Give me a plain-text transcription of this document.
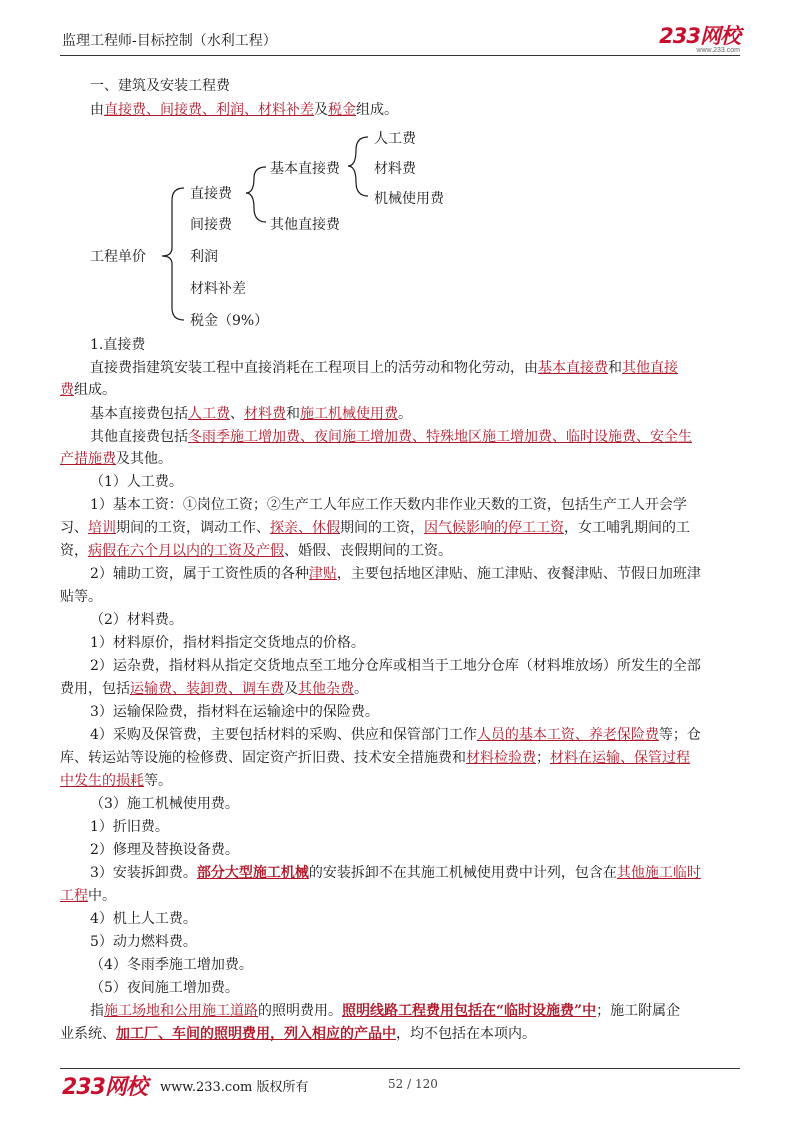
监理工程师-目标控制（水利工程）	233网校
www.233.com
一、建筑及安装工程费
由直接费、间接费、利润、材料补差及税金组成。
工程单价
直接费
间接费
利润
材料补差
税金（9%）
基本直接费
其他直接费
人工费
材料费
机械使用费
1.直接费
直接费指建筑安装工程中直接消耗在工程项目上的活劳动和物化劳动，由基本直接费和其他直接
费组成。
基本直接费包括人工费、材料费和施工机械使用费。
其他直接费包括冬雨季施工增加费、夜间施工增加费、特殊地区施工增加费、临时设施费、安全生
产措施费及其他。
（1）人工费。
1）基本工资：①岗位工资；②生产工人年应工作天数内非作业天数的工资，包括生产工人开会学
习、培训期间的工资，调动工作、探亲、休假期间的工资，因气候影响的停工工资，女工哺乳期间的工
资，病假在六个月以内的工资及产假、婚假、丧假期间的工资。
2）辅助工资，属于工资性质的各种津贴，主要包括地区津贴、施工津贴、夜餐津贴、节假日加班津
贴等。
（2）材料费。
1）材料原价，指材料指定交货地点的价格。
2）运杂费，指材料从指定交货地点至工地分仓库或相当于工地分仓库（材料堆放场）所发生的全部
费用，包括运输费、装卸费、调车费及其他杂费。
3）运输保险费，指材料在运输途中的保险费。
4）采购及保管费，主要包括材料的采购、供应和保管部门工作人员的基本工资、养老保险费等；仓
库、转运站等设施的检修费、固定资产折旧费、技术安全措施费和材料检验费；材料在运输、保管过程
中发生的损耗等。
（3）施工机械使用费。
1）折旧费。
2）修理及替换设备费。
3）安装拆卸费。部分大型施工机械的安装拆卸不在其施工机械使用费中计列，包含在其他施工临时
工程中。
4）机上人工费。
5）动力燃料费。
（4）冬雨季施工增加费。
（5）夜间施工增加费。
指施工场地和公用施工道路的照明费用。照明线路工程费用包括在“临时设施费”中；施工附属企
业系统、加工厂、车间的照明费用，列入相应的产品中，均不包括在本项内。
233网校 www.233.com 版权所有	52 / 120
